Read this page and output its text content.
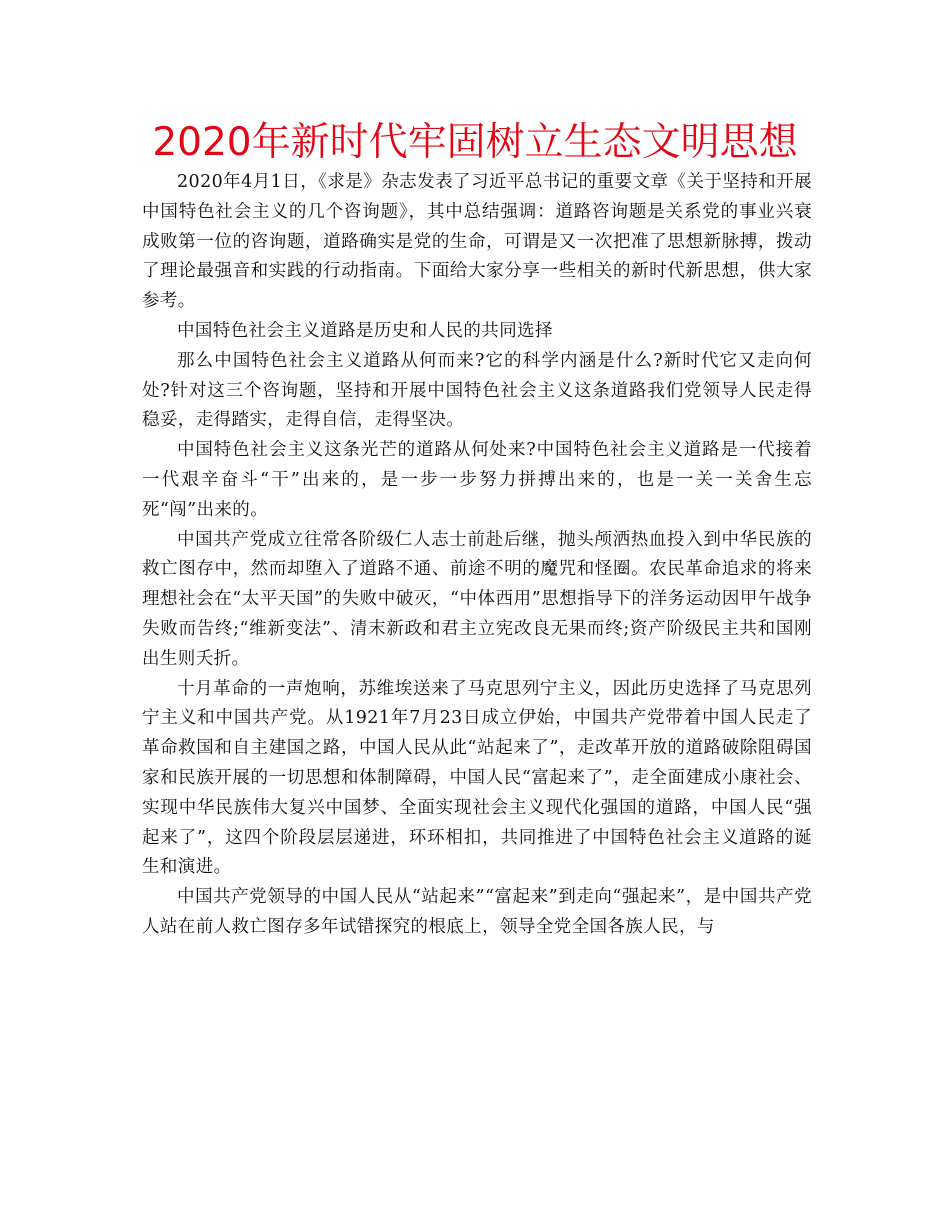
2020年新时代牢固树立生态文明思想

2020年4月1日，《求是》杂志发表了习近平总书记的重要文章《关于坚持和开展中国特色社会主义的几个咨询题》，其中总结强调：道路咨询题是关系党的事业兴衰成败第一位的咨询题，道路确实是党的生命，可谓是又一次把准了思想新脉搏，拨动了理论最强音和实践的行动指南。下面给大家分享一些相关的新时代新思想，供大家参考。

中国特色社会主义道路是历史和人民的共同选择

那么中国特色社会主义道路从何而来?它的科学内涵是什么?新时代它又走向何处?针对这三个咨询题，坚持和开展中国特色社会主义这条道路我们党领导人民走得稳妥，走得踏实，走得自信，走得坚决。

中国特色社会主义这条光芒的道路从何处来?中国特色社会主义道路是一代接着一代艰辛奋斗“干”出来的，是一步一步努力拼搏出来的，也是一关一关舍生忘死“闯”出来的。

中国共产党成立往常各阶级仁人志士前赴后继，抛头颅洒热血投入到中华民族的救亡图存中，然而却堕入了道路不通、前途不明的魔咒和怪圈。农民革命追求的将来理想社会在“太平天国”的失败中破灭，“中体西用”思想指导下的洋务运动因甲午战争失败而告终;“维新变法”、清末新政和君主立宪改良无果而终;资产阶级民主共和国刚出生则夭折。

十月革命的一声炮响，苏维埃送来了马克思列宁主义，因此历史选择了马克思列宁主义和中国共产党。从1921年7月23日成立伊始，中国共产党带着中国人民走了革命救国和自主建国之路，中国人民从此“站起来了”，走改革开放的道路破除阻碍国家和民族开展的一切思想和体制障碍，中国人民“富起来了”，走全面建成小康社会、实现中华民族伟大复兴中国梦、全面实现社会主义现代化强国的道路，中国人民“强起来了”，这四个阶段层层递进，环环相扣，共同推进了中国特色社会主义道路的诞生和演进。

中国共产党领导的中国人民从“站起来”“富起来”到走向“强起来”，是中国共产党人站在前人救亡图存多年试错探究的根底上，领导全党全国各族人民，与
